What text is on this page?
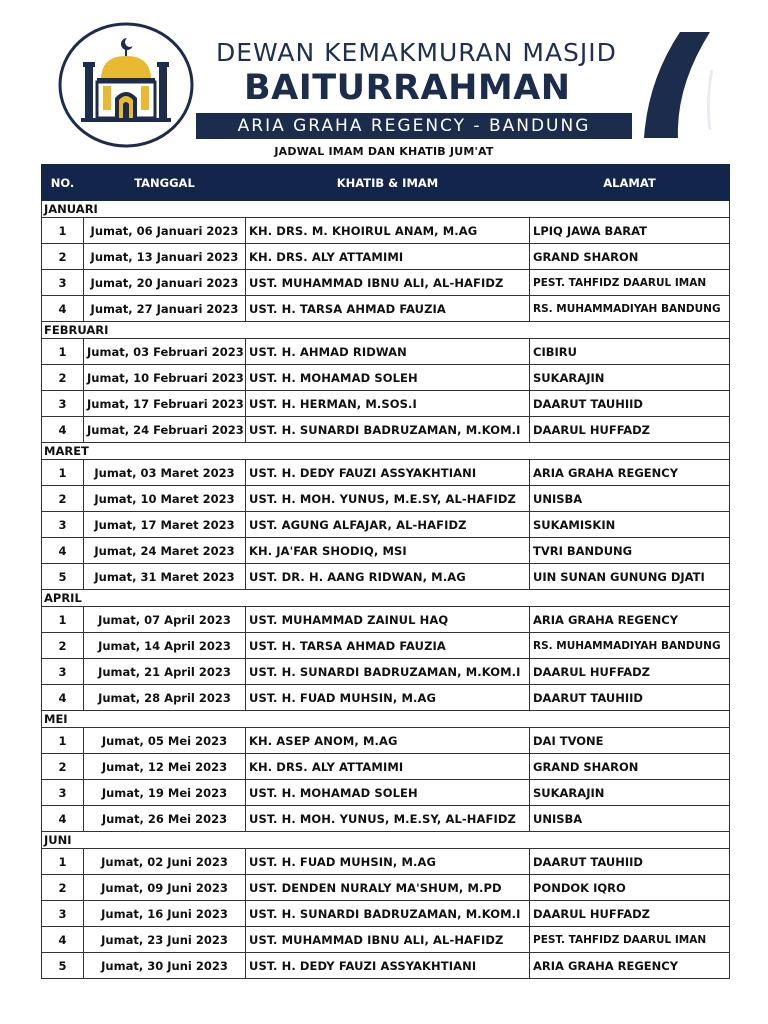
DEWAN KEMAKMURAN MASJID
BAITURRAHMAN
ARIA GRAHA REGENCY - BANDUNG
JADWAL IMAM DAN KHATIB JUM'AT
NO.	TANGGAL	KHATIB & IMAM	ALAMAT
JANUARI			
1	Jumat, 06 Januari 2023	KH. DRS. M. KHOIRUL ANAM, M.AG	LPIQ JAWA BARAT
2	Jumat, 13 Januari 2023	KH. DRS. ALY ATTAMIMI	GRAND SHARON
3	Jumat, 20 Januari 2023	UST. MUHAMMAD IBNU ALI, AL-HAFIDZ	PEST. TAHFIDZ DAARUL IMAN
4	Jumat, 27 Januari 2023	UST. H. TARSA AHMAD FAUZIA	RS. MUHAMMADIYAH BANDUNG
FEBRUARI			
1	Jumat, 03 Februari 2023	UST. H. AHMAD RIDWAN	CIBIRU
2	Jumat, 10 Februari 2023	UST. H. MOHAMAD SOLEH	SUKARAJIN
3	Jumat, 17 Februari 2023	UST. H. HERMAN, M.SOS.I	DAARUT TAUHIID
4	Jumat, 24 Februari 2023	UST. H. SUNARDI BADRUZAMAN, M.KOM.I	DAARUL HUFFADZ
MARET			
1	Jumat, 03 Maret 2023	UST. H. DEDY FAUZI ASSYAKHTIANI	ARIA GRAHA REGENCY
2	Jumat, 10 Maret 2023	UST. H. MOH. YUNUS, M.E.SY, AL-HAFIDZ	UNISBA
3	Jumat, 17 Maret 2023	UST. AGUNG ALFAJAR, AL-HAFIDZ	SUKAMISKIN
4	Jumat, 24 Maret 2023	KH. JA'FAR SHODIQ, MSI	TVRI BANDUNG
5	Jumat, 31 Maret 2023	UST. DR. H. AANG RIDWAN, M.AG	UIN SUNAN GUNUNG DJATI
APRIL			
1	Jumat, 07 April 2023	UST. MUHAMMAD ZAINUL HAQ	ARIA GRAHA REGENCY
2	Jumat, 14 April 2023	UST. H. TARSA AHMAD FAUZIA	RS. MUHAMMADIYAH BANDUNG
3	Jumat, 21 April 2023	UST. H. SUNARDI BADRUZAMAN, M.KOM.I	DAARUL HUFFADZ
4	Jumat, 28 April 2023	UST. H. FUAD MUHSIN, M.AG	DAARUT TAUHIID
MEI			
1	Jumat, 05 Mei 2023	KH. ASEP ANOM, M.AG	DAI TVONE
2	Jumat, 12 Mei 2023	KH. DRS. ALY ATTAMIMI	GRAND SHARON
3	Jumat, 19 Mei 2023	UST. H. MOHAMAD SOLEH	SUKARAJIN
4	Jumat, 26 Mei 2023	UST. H. MOH. YUNUS, M.E.SY, AL-HAFIDZ	UNISBA
JUNI			
1	Jumat, 02 Juni 2023	UST. H. FUAD MUHSIN, M.AG	DAARUT TAUHIID
2	Jumat, 09 Juni 2023	UST. DENDEN NURALY MA'SHUM, M.PD	PONDOK IQRO
3	Jumat, 16 Juni 2023	UST. H. SUNARDI BADRUZAMAN, M.KOM.I	DAARUL HUFFADZ
4	Jumat, 23 Juni 2023	UST. MUHAMMAD IBNU ALI, AL-HAFIDZ	PEST. TAHFIDZ DAARUL IMAN
5	Jumat, 30 Juni 2023	UST. H. DEDY FAUZI ASSYAKHTIANI	ARIA GRAHA REGENCY
